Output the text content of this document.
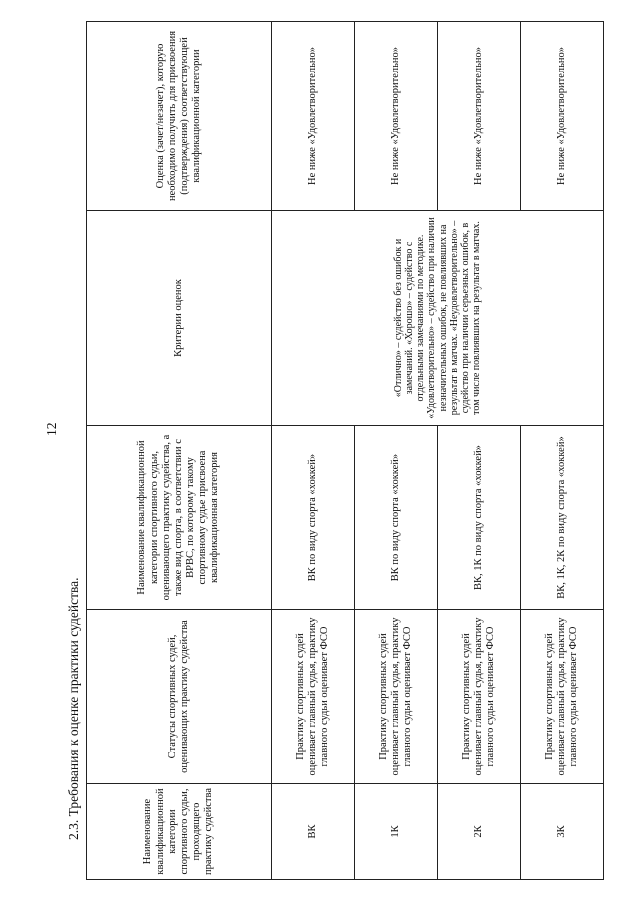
12
2.3. Требования к оценке практики судейства.	Наименование квалификационной категории спортивного судьи, проходящего практику судейства	Статусы спортивных судей, оценивающих практику судейства	Наименование квалификационной категории спортивного судьи, оценивающего практику судейства, а также вид спорта, в соответствии с ВРВС, по которому такому спортивному судье присвоена квалификационная категория	Критерии оценок	Оценка (зачет/незачет), которую необходимо получить для присвоения (подтверждения) соответствующей квалификационной категории
ВК	Практику спортивных судей оценивает главный судья, практику главного судьи оценивает ФСО	ВК по виду спорта «хоккей»	«Отлично» – судейство без ошибок и замечаний. «Хорошо» – судейство с отдельными замечаниями по методике. «Удовлетворительно» – судейство при наличии незначительных ошибок, не повлиявших на результат в матчах. «Неудовлетворительно» – судейство при наличии серьезных ошибок, в том числе повлиявших на результат в матчах.	Не ниже «Удовлетворительно»
1К	Практику спортивных судей оценивает главный судья, практику главного судьи оценивает ФСО	ВК по виду спорта «хоккей»		Не ниже «Удовлетворительно»
2К	Практику спортивных судей оценивает главный судья, практику главного судьи оценивает ФСО	ВК, 1К по виду спорта «хоккей»		Не ниже «Удовлетворительно»
3К	Практику спортивных судей оценивает главный судья, практику главного судьи оценивает ФСО	ВК, 1К, 2К по виду спорта «хоккей»		Не ниже «Удовлетворительно»
